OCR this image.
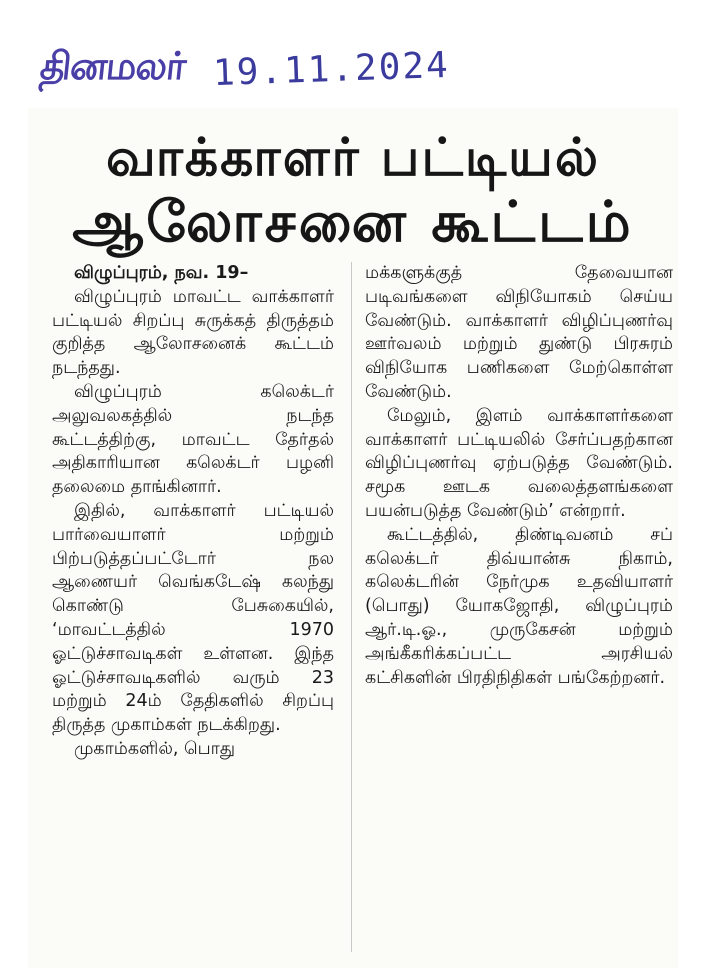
தினமலர் 19.11.2024
வாக்காளர் பட்டியல்
ஆலோசனை கூட்டம்

விழுப்புரம், நவ. 19–

விழுப்புரம் மாவட்ட வாக்காளர் பட்டியல் சிறப்பு சுருக்கத் திருத்தம் குறித்த ஆலோசனைக் கூட்டம் நடந்தது.

விழுப்புரம் கலெக்டர் அலுவலகத்தில் நடந்த கூட்டத்திற்கு, மாவட்ட தேர்தல் அதிகாரியான கலெக்டர் பழனி தலைமை தாங்கினார்.

இதில், வாக்காளர் பட்டியல் பார்வையாளர் மற்றும் பிற்படுத்தப்பட்டோர் நல ஆணையர் வெங்கடேஷ் கலந்து கொண்டு பேசுகையில், ‘மாவட்டத்தில் 1970 ஓட்டுச்சாவடிகள் உள்ளன. இந்த ஓட்டுச்சாவடிகளில் வரும் 23 மற்றும் 24ம் தேதிகளில் சிறப்பு திருத்த முகாம்கள் நடக்கிறது.

முகாம்களில், பொது

மக்களுக்குத் தேவையான படிவங்களை விநியோகம் செய்ய வேண்டும். வாக்காளர் விழிப்புணர்வு ஊர்வலம் மற்றும் துண்டு பிரசுரம் விநியோக பணிகளை மேற்கொள்ள வேண்டும்.

மேலும், இளம் வாக்காளர்களை வாக்காளர் பட்டியலில் சேர்ப்பதற்கான விழிப்புணர்வு ஏற்படுத்த வேண்டும். சமூக ஊடக வலைத்தளங்களை பயன்படுத்த வேண்டும்’ என்றார்.

கூட்டத்தில், திண்டிவனம் சப் கலெக்டர் திவ்யான்சு நிகாம், கலெக்டரின் நேர்முக உதவியாளர் (பொது) யோகஜோதி, விழுப்புரம் ஆர்.டி.ஓ., முருகேசன் மற்றும் அங்கீகரிக்கப்பட்ட அரசியல் கட்சிகளின் பிரதிநிதிகள் பங்கேற்றனர்.
